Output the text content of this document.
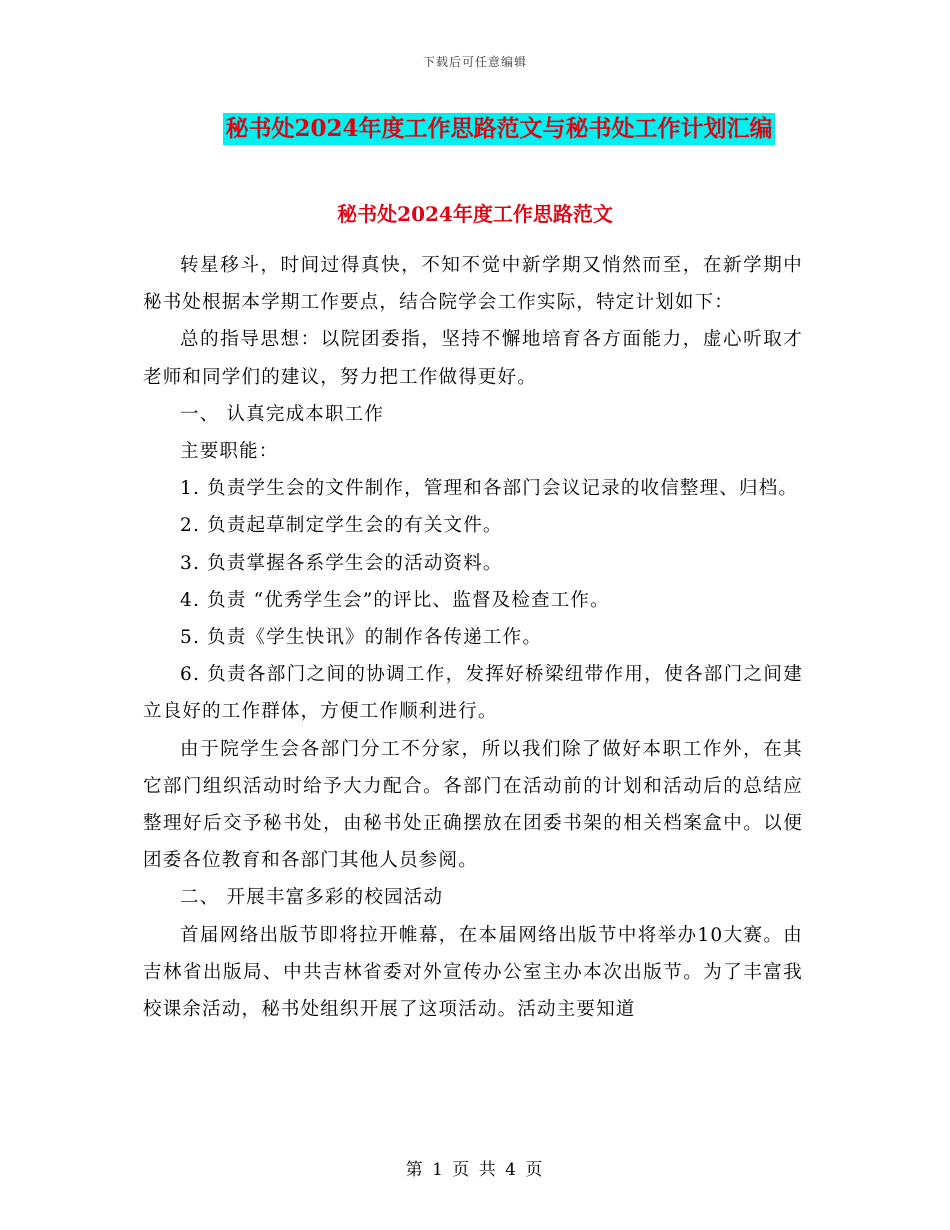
下载后可任意编辑
秘书处2024年度工作思路范文与秘书处工作计划汇编
秘书处2024年度工作思路范文

转星移斗，时间过得真快，不知不觉中新学期又悄然而至，在新学期中秘书处根据本学期工作要点，结合院学会工作实际，特定计划如下：

总的指导思想：以院团委指，坚持不懈地培育各方面能力，虚心听取才老师和同学们的建议，努力把工作做得更好。

一、 认真完成本职工作

主要职能：

1. 负责学生会的文件制作，管理和各部门会议记录的收信整理、归档。

2. 负责起草制定学生会的有关文件。

3. 负责掌握各系学生会的活动资料。

4. 负责 “优秀学生会”的评比、监督及检查工作。

5. 负责《学生快讯》的制作各传递工作。

6. 负责各部门之间的协调工作，发挥好桥梁纽带作用，使各部门之间建立良好的工作群体，方便工作顺利进行。

由于院学生会各部门分工不分家，所以我们除了做好本职工作外，在其它部门组织活动时给予大力配合。各部门在活动前的计划和活动后的总结应整理好后交予秘书处，由秘书处正确摆放在团委书架的相关档案盒中。以便团委各位教育和各部门其他人员参阅。

二、 开展丰富多彩的校园活动

首届网络出版节即将拉开帷幕，在本届网络出版节中将举办10大赛。由吉林省出版局、中共吉林省委对外宣传办公室主办本次出版节。为了丰富我校课余活动，秘书处组织开展了这项活动。活动主要知道

第 1 页 共 4 页
